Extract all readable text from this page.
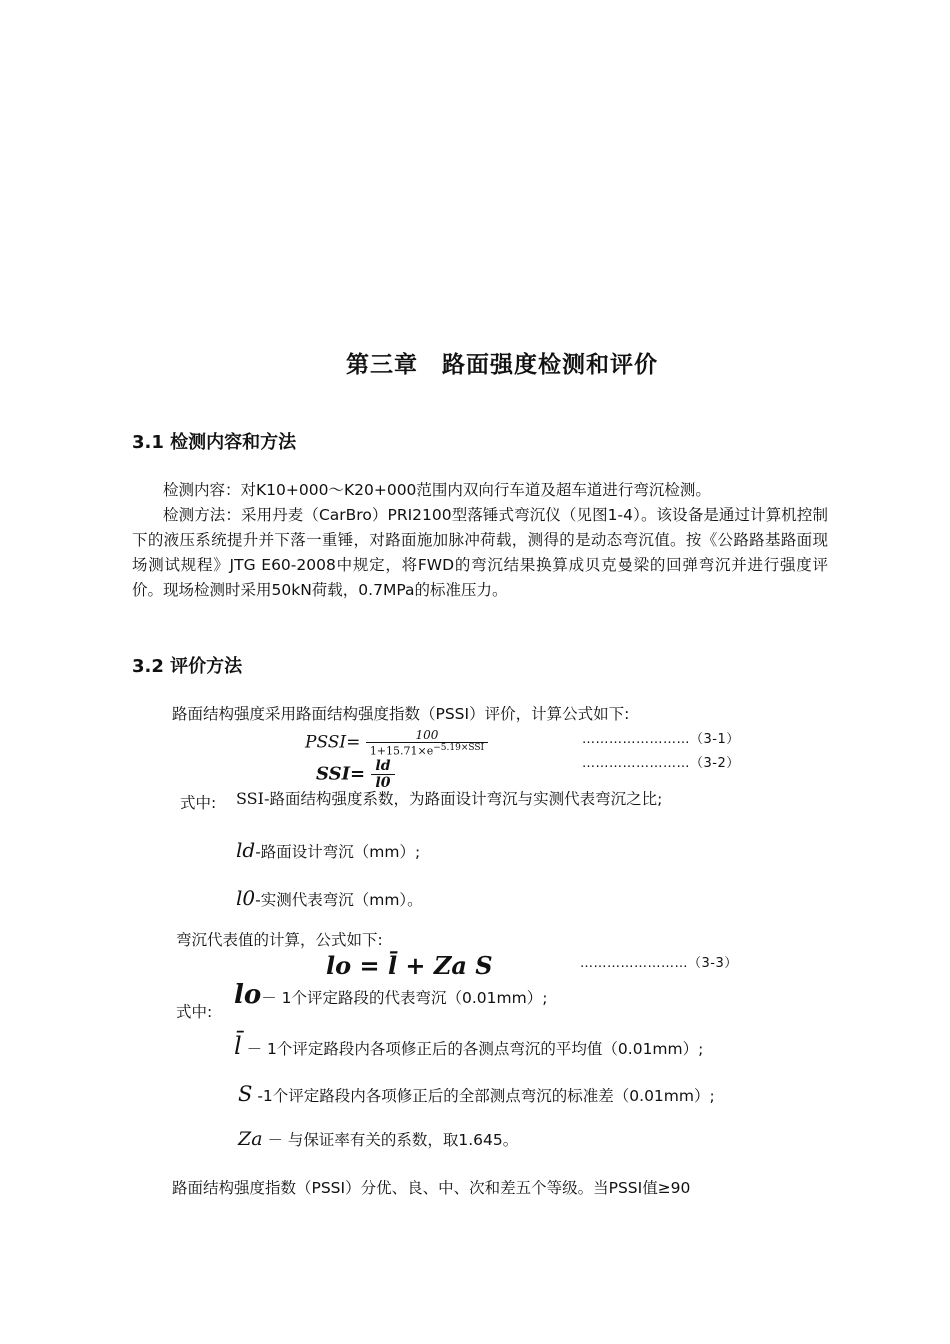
第三章　路面强度检测和评价
3.1 检测内容和方法

检测内容：对K10+000～K20+000范围内双向行车道及超车道进行弯沉检测。

检测方法：采用丹麦（CarBro）PRI2100型落锤式弯沉仪（见图1-4）。该设备是通过计算机控制下的液压系统提升并下落一重锤，对路面施加脉冲荷载，测得的是动态弯沉值。按《公路路基路面现场测试规程》JTG E60-2008中规定，将FWD的弯沉结果换算成贝克曼梁的回弹弯沉并进行强度评价。现场检测时采用50kN荷载，0.7MPa的标准压力。

3.2 评价方法
路面结构强度采用路面结构强度指数（PSSI）评价，计算公式如下:
PSSI= $\frac{100}{1+15.71\times e^{-5.19\times SSI}}$	……………………（3-1）
$SSI= \frac{ld}{l0}$	……………………（3-2）
式中: SSI-路面结构强度系数，为路面设计弯沉与实测代表弯沉之比;
ld-路面设计弯沉（mm）;
l0-实测代表弯沉（mm）。
弯沉代表值的计算，公式如下:
lo = l̄ + Za S	……………………（3-3）
式中:
lo－ 1个评定路段的代表弯沉（0.01mm）;
l̄ － 1个评定路段内各项修正后的各测点弯沉的平均值（0.01mm）;
S -1个评定路段内各项修正后的全部测点弯沉的标准差（0.01mm）;
Za － 与保证率有关的系数，取1.645。
路面结构强度指数（PSSI）分优、良、中、次和差五个等级。当PSSI值≥90
